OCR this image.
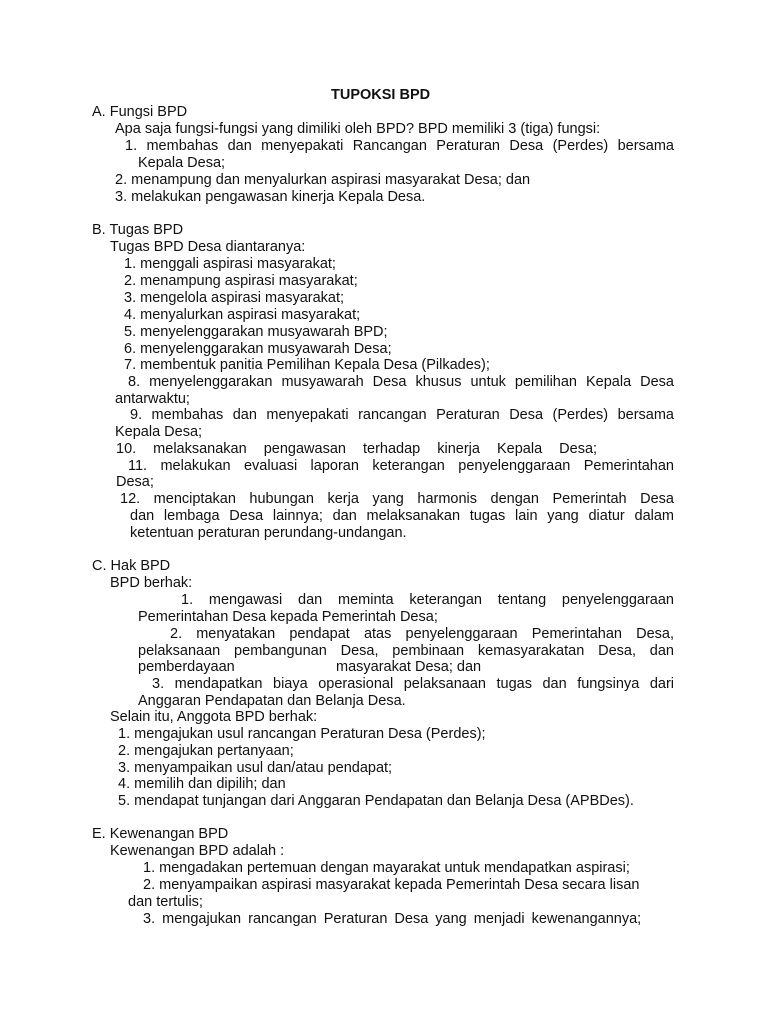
TUPOKSI BPD
A. Fungsi BPD
Apa saja fungsi-fungsi yang dimiliki oleh BPD? BPD memiliki 3 (tiga) fungsi:
1. membahas dan menyepakati Rancangan Peraturan Desa (Perdes) bersama
Kepala Desa;
2. menampung dan menyalurkan aspirasi masyarakat Desa; dan
3. melakukan pengawasan kinerja Kepala Desa.
B. Tugas BPD
Tugas BPD Desa diantaranya:
1. menggali aspirasi masyarakat;
2. menampung aspirasi masyarakat;
3. mengelola aspirasi masyarakat;
4. menyalurkan aspirasi masyarakat;
5. menyelenggarakan musyawarah BPD;
6. menyelenggarakan musyawarah Desa;
7. membentuk panitia Pemilihan Kepala Desa (Pilkades);
8. menyelenggarakan musyawarah Desa khusus untuk pemilihan Kepala Desa
antarwaktu;
9. membahas dan menyepakati rancangan Peraturan Desa (Perdes) bersama
Kepala Desa;
10. melaksanakan pengawasan terhadap kinerja Kepala Desa;
11. melakukan evaluasi laporan keterangan penyelenggaraan Pemerintahan
Desa;
12. menciptakan hubungan kerja yang harmonis dengan Pemerintah Desa
dan lembaga Desa lainnya; dan melaksanakan tugas lain yang diatur dalam
ketentuan peraturan perundang-undangan.
C. Hak BPD
BPD berhak:
1. mengawasi dan meminta keterangan tentang penyelenggaraan
Pemerintahan Desa kepada Pemerintah Desa;
2. menyatakan pendapat atas penyelenggaraan Pemerintahan Desa,
pelaksanaan pembangunan Desa, pembinaan kemasyarakatan Desa, dan
pemberdayaan	masyarakat Desa; dan
3. mendapatkan biaya operasional pelaksanaan tugas dan fungsinya dari
Anggaran Pendapatan dan Belanja Desa.
Selain itu, Anggota BPD berhak:
1. mengajukan usul rancangan Peraturan Desa (Perdes);
2. mengajukan pertanyaan;
3. menyampaikan usul dan/atau pendapat;
4. memilih dan dipilih; dan
5. mendapat tunjangan dari Anggaran Pendapatan dan Belanja Desa (APBDes).
E. Kewenangan BPD
Kewenangan BPD adalah :
1. mengadakan pertemuan dengan mayarakat untuk mendapatkan aspirasi;
2. menyampaikan aspirasi masyarakat kepada Pemerintah Desa secara lisan
dan tertulis;
3. mengajukan rancangan Peraturan Desa yang menjadi kewenangannya;
